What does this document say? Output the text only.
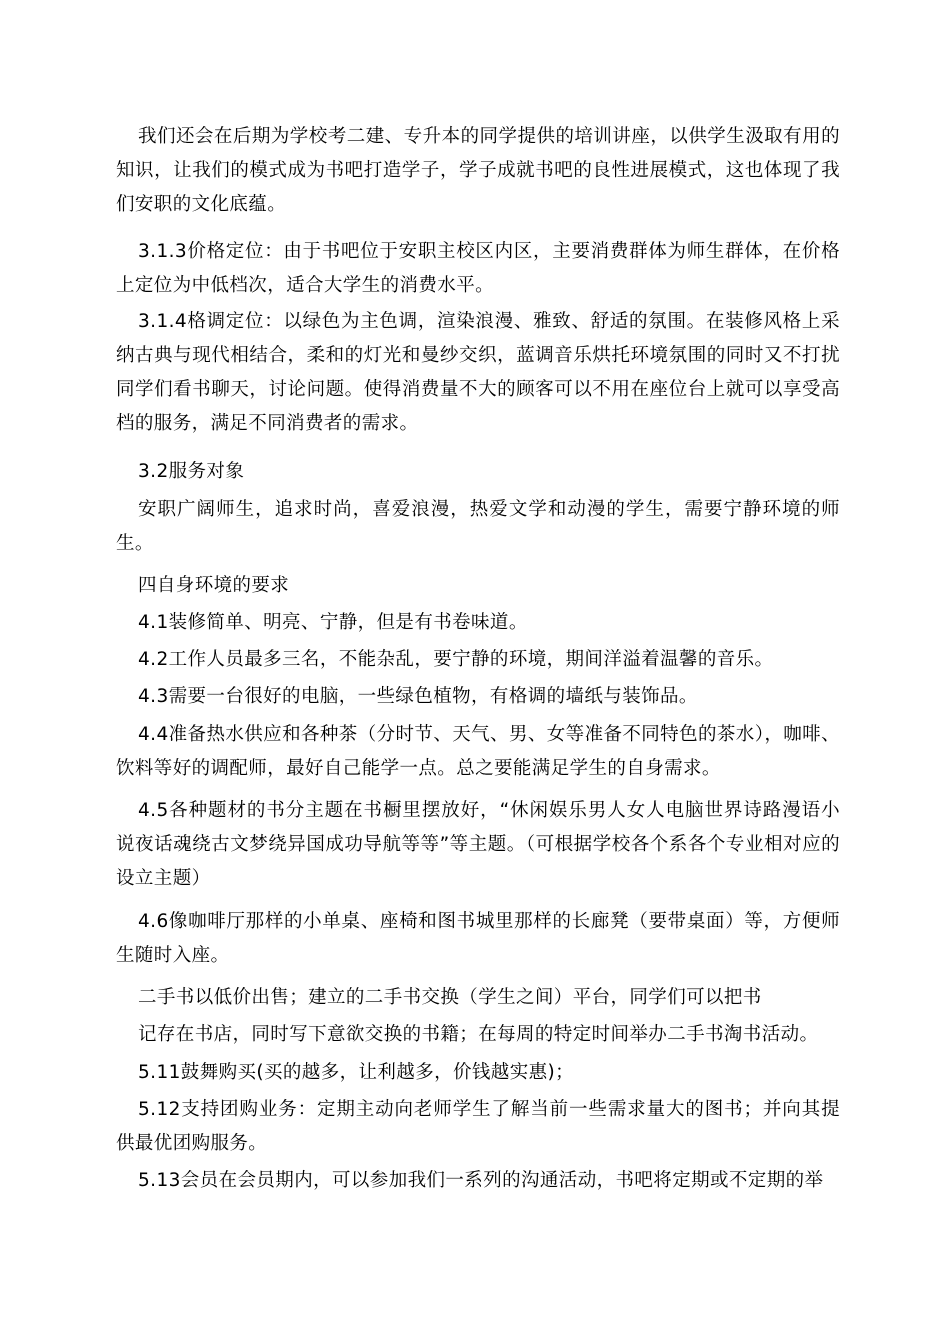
我们还会在后期为学校考二建、专升本的同学提供的培训讲座，以供学生汲取有用的知识，让我们的模式成为书吧打造学子，学子成就书吧的良性进展模式，这也体现了我们安职的文化底蕴。

3.1.3价格定位：由于书吧位于安职主校区内区，主要消费群体为师生群体，在价格上定位为中低档次，适合大学生的消费水平。

3.1.4格调定位：以绿色为主色调，渲染浪漫、雅致、舒适的氛围。在装修风格上采纳古典与现代相结合，柔和的灯光和曼纱交织，蓝调音乐烘托环境氛围的同时又不打扰同学们看书聊天，讨论问题。使得消费量不大的顾客可以不用在座位台上就可以享受高档的服务，满足不同消费者的需求。

3.2服务对象

安职广阔师生，追求时尚，喜爱浪漫，热爱文学和动漫的学生，需要宁静环境的师生。

四自身环境的要求

4.1装修简单、明亮、宁静，但是有书卷味道。

4.2工作人员最多三名，不能杂乱，要宁静的环境，期间洋溢着温馨的音乐。

4.3需要一台很好的电脑，一些绿色植物，有格调的墙纸与装饰品。

4.4准备热水供应和各种茶（分时节、天气、男、女等准备不同特色的茶水），咖啡、饮料等好的调配师，最好自己能学一点。总之要能满足学生的自身需求。

4.5各种题材的书分主题在书橱里摆放好，“休闲娱乐男人女人电脑世界诗路漫语小说夜话魂绕古文梦绕异国成功导航等等”等主题。（可根据学校各个系各个专业相对应的设立主题）

4.6像咖啡厅那样的小单桌、座椅和图书城里那样的长廊凳（要带桌面）等，方便师生随时入座。

二手书以低价出售；建立的二手书交换（学生之间）平台，同学们可以把书

记存在书店，同时写下意欲交换的书籍；在每周的特定时间举办二手书淘书活动。

5.11鼓舞购买(买的越多，让利越多，价钱越实惠)；

5.12支持团购业务：定期主动向老师学生了解当前一些需求量大的图书；并向其提供最优团购服务。

5.13会员在会员期内，可以参加我们一系列的沟通活动，书吧将定期或不定期的举
